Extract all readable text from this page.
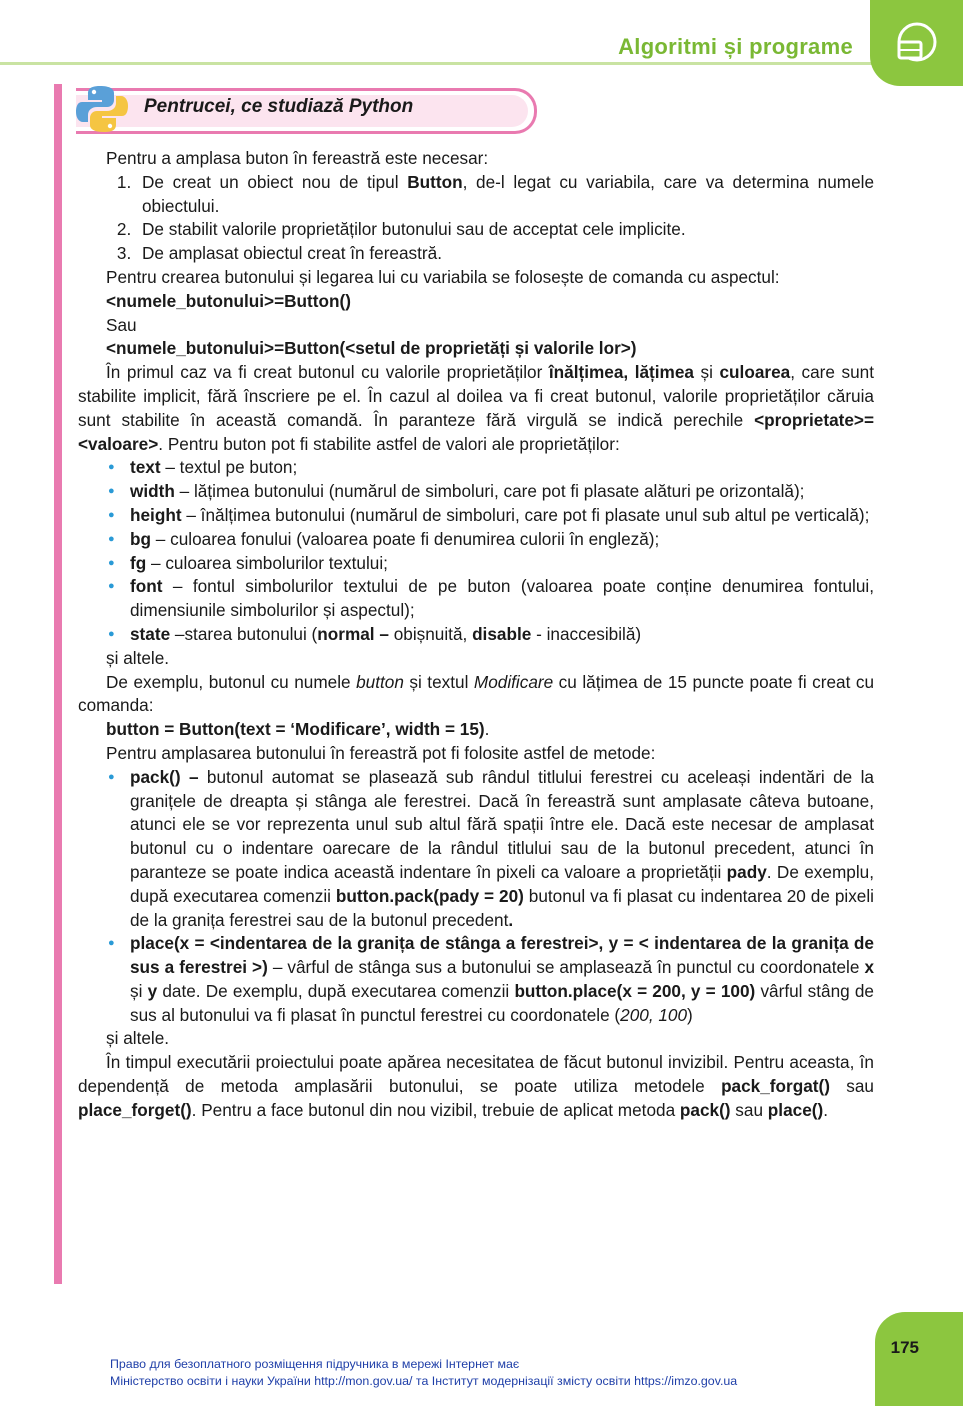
Algoritmi și programe
Pentrucei, ce studiază Python

Pentru a amplasa buton în fereastră este necesar:

1. De creat un obiect nou de tipul Button, de-l legat cu variabila, care va determina numele obiectului.
2. De stabilit valorile proprietăților butonului sau de acceptat cele implicite.
3. De amplasat obiectul creat în fereastră.

Pentru crearea butonului și legarea lui cu variabila se folosește de comanda cu aspectul:

<numele_butonului>=Button()

Sau

<numele_butonului>=Button(<setul de proprietăți și valorile lor>)

În primul caz va fi creat butonul cu valorile proprietăților înălțimea, lățimea și culoarea, care sunt stabilite implicit, fără înscriere pe el. În cazul al doilea va fi creat butonul, valorile proprietăților căruia sunt stabilite în această comandă. În paranteze fără virgulă se indică perechile <proprietate>=<valoare>. Pentru buton pot fi stabilite astfel de valori ale proprietăților:

● text – textul pe buton;
● width – lățimea butonului (numărul de simboluri, care pot fi plasate alături pe orizontală);
● height – înălțimea butonului (numărul de simboluri, care pot fi plasate unul sub altul pe verticală);
● bg – culoarea fonului (valoarea poate fi denumirea culorii în engleză);
● fg – culoarea simbolurilor textului;
● font – fontul simbolurilor textului de pe buton (valoarea poate conține denumirea fontului, dimensiunile simbolurilor și aspectul);
● state –starea butonului (normal – obișnuită, disable - inaccesibilă)

și altele.

De exemplu, butonul cu numele button și textul Modificare cu lățimea de 15 puncte poate fi creat cu comanda:

button = Button(text = ‘Modificare’, width = 15).

Pentru amplasarea butonului în fereastră pot fi folosite astfel de metode:

● pack() – butonul automat se plasează sub rândul titlului ferestrei cu aceleași indentări de la granițele de dreapta și stânga ale ferestrei. Dacă în fereastră sunt amplasate câteva butoane, atunci ele se vor reprezenta unul sub altul fără spații între ele. Dacă este necesar de amplasat butonul cu o indentare oarecare de la rândul titlului sau de la butonul precedent, atunci în paranteze se poate indica această indentare în pixeli ca valoare a proprietății pady. De exemplu, după executarea comenzii button.pack(pady = 20) butonul va fi plasat cu indentarea 20 de pixeli de la granița ferestrei sau de la butonul precedent.
● place(x = <indentarea de la granița de stânga a ferestrei>, y = < indentarea de la granița de sus a ferestrei >) – vârful de stânga sus a butonului se amplasează în punctul cu coordonatele x și y date. De exemplu, după executarea comenzii button.place(x = 200, y = 100) vârful stâng de sus al butonului va fi plasat în punctul ferestrei cu coordonatele (200, 100)

și altele.

În timpul executării proiectului poate apărea necesitatea de făcut butonul invizibil. Pentru aceasta, în dependență de metoda amplasării butonului, se poate utiliza metodele pack_forgat() sau place_forget(). Pentru a face butonul din nou vizibil, trebuie de aplicat metoda pack() sau place().

175
Право для безоплатного розміщення підручника в мережі Інтернет має
Міністерство освіти і науки України http://mon.gov.ua/ та Інститут модернізації змісту освіти https://imzo.gov.ua
